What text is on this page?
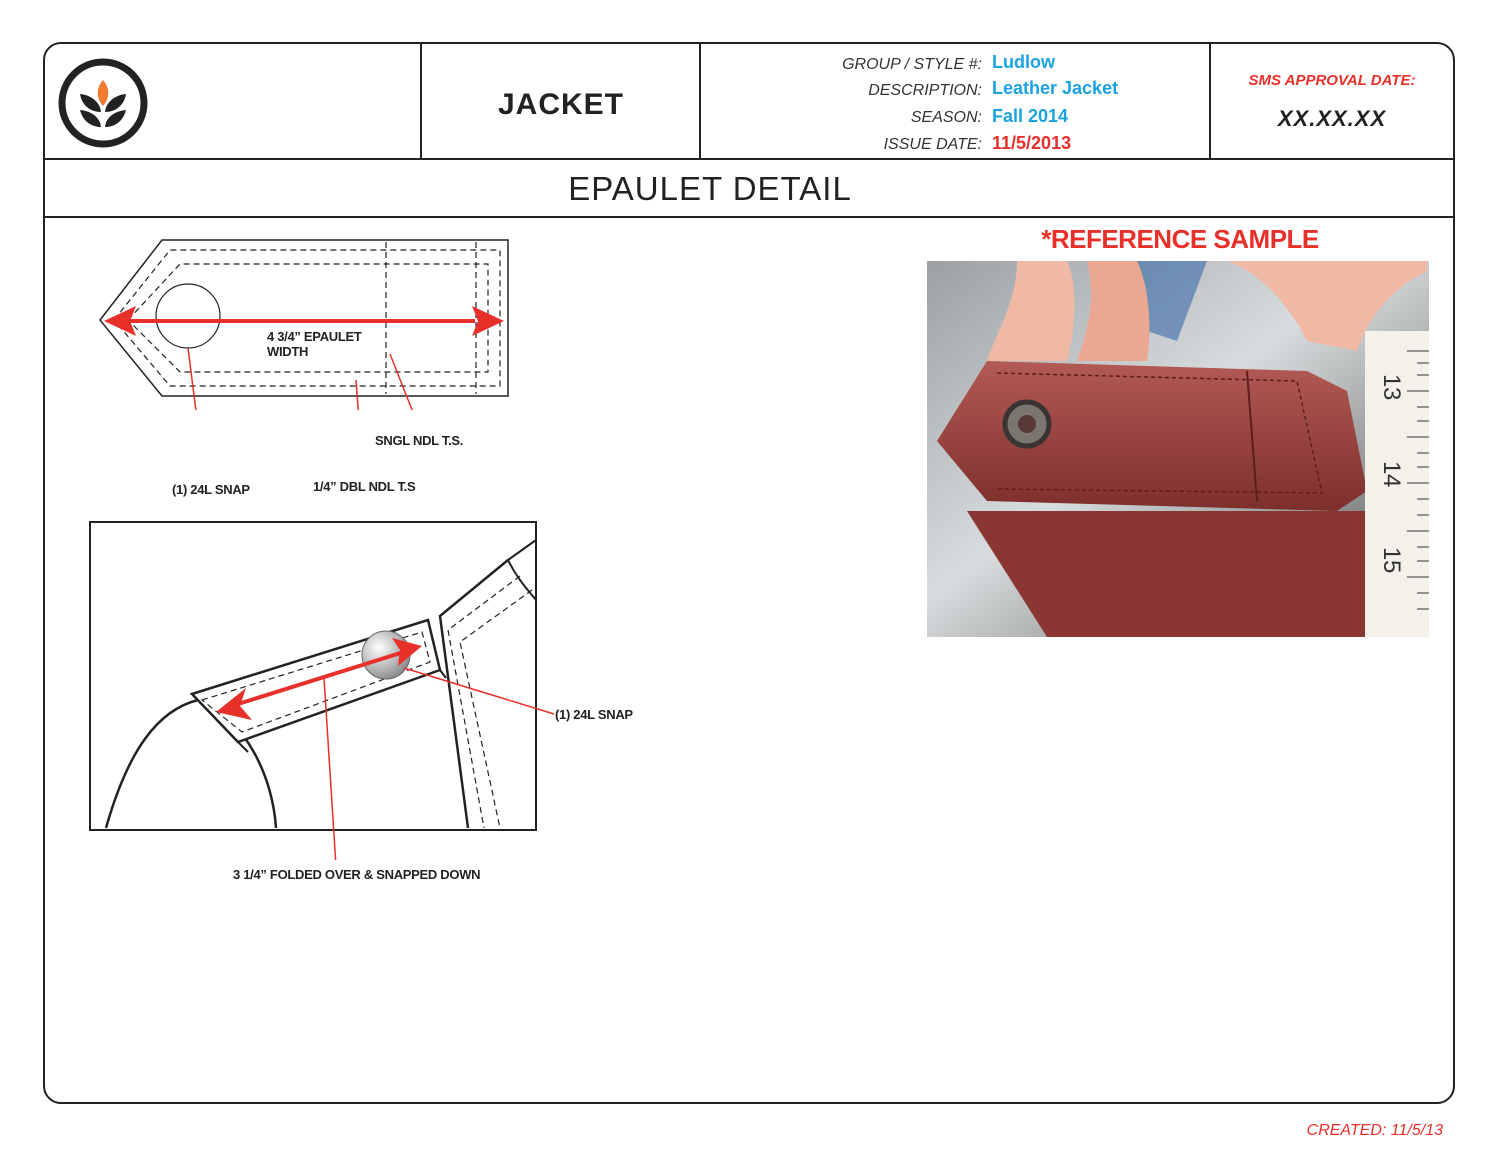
JACKET
GROUP / STYLE #: Ludlow
DESCRIPTION: Leather Jacket
SEASON: Fall 2014
ISSUE DATE: 11/5/2013
SMS APPROVAL DATE:
XX.XX.XX
EPAULET DETAIL
4 3/4” EPAULET
WIDTH
SNGL NDL T.S.
(1) 24L SNAP	1/4” DBL NDL T.S
(1) 24L SNAP
3 1/4” FOLDED OVER & SNAPPED DOWN
*REFERENCE SAMPLE
13
14
15
CREATED: 11/5/13
